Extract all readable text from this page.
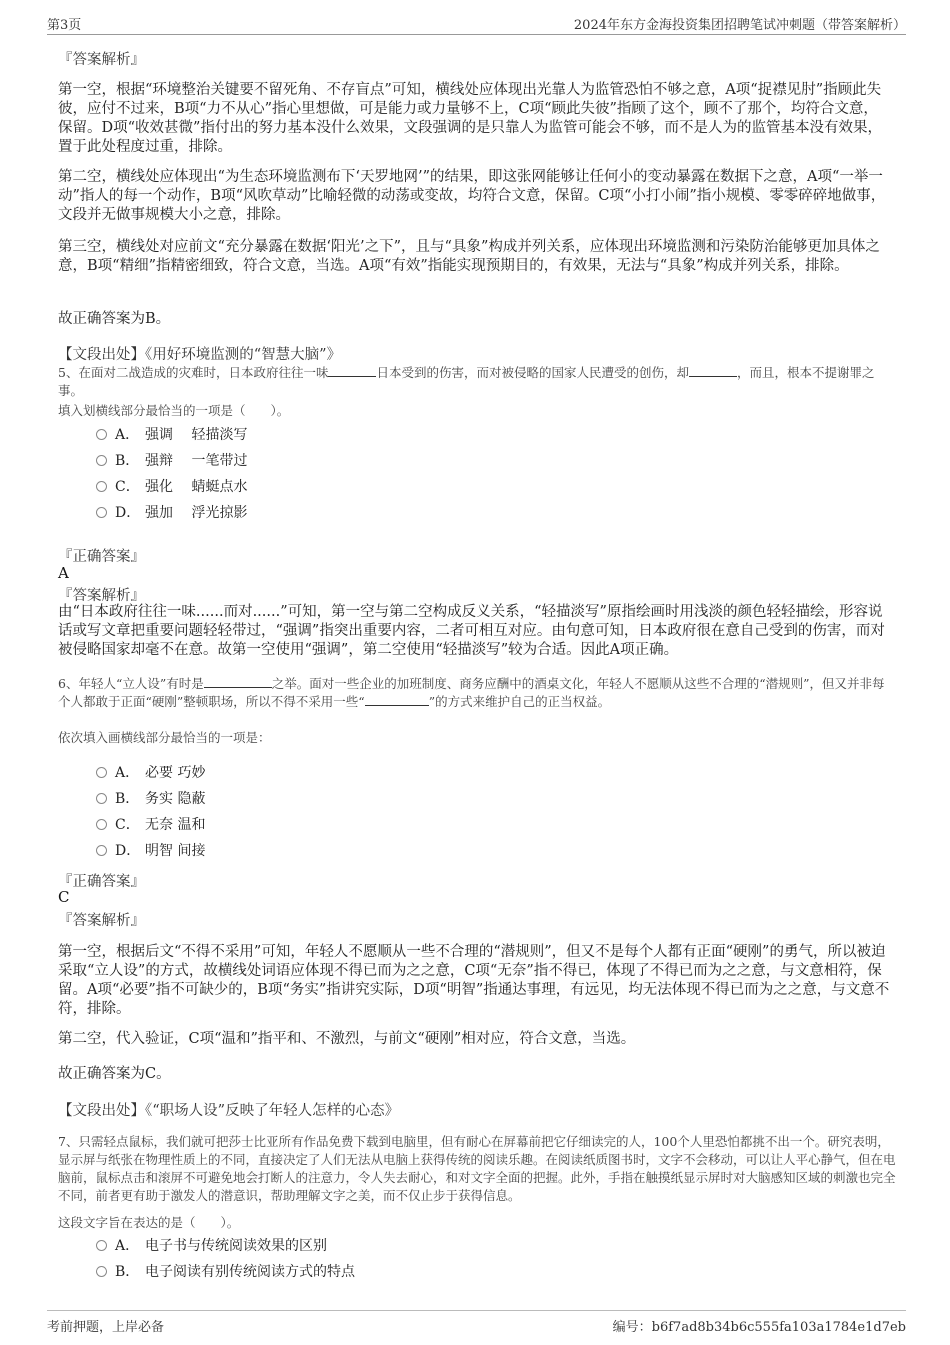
第3页	2024年东方金海投资集团招聘笔试冲刺题（带答案解析）
『答案解析』
第一空，根据“环境整治关键要不留死角、不存盲点”可知，横线处应体现出光靠人为监管恐怕不够之意，A项“捉襟见肘”指顾此失彼，应付不过来，B项“力不从心”指心里想做，可是能力或力量够不上，C项“顾此失彼”指顾了这个，顾不了那个，均符合文意，保留。D项“收效甚微”指付出的努力基本没什么效果，文段强调的是只靠人为监管可能会不够，而不是人为的监管基本没有效果，置于此处程度过重，排除。
第二空，横线处应体现出“为生态环境监测布下‘天罗地网’”的结果，即这张网能够让任何小的变动暴露在数据下之意，A项“一举一动”指人的每一个动作，B项“风吹草动”比喻轻微的动荡或变故，均符合文意，保留。C项“小打小闹”指小规模、零零碎碎地做事，文段并无做事规模大小之意，排除。
第三空，横线处对应前文“充分暴露在数据‘阳光’之下”，且与“具象”构成并列关系，应体现出环境监测和污染防治能够更加具体之意，B项“精细”指精密细致，符合文意，当选。A项“有效”指能实现预期目的，有效果，无法与“具象”构成并列关系，排除。
故正确答案为B。
【文段出处】《用好环境监测的“智慧大脑”》
5、在面对二战造成的灾难时，日本政府往往一味	日本受到的伤害，而对被侵略的国家人民遭受的创伤，却	，而且，根本不提谢罪之事。
填入划横线部分最恰当的一项是（　　）。
A． 强调　 轻描淡写
B． 强辩　 一笔带过
C． 强化　 蜻蜓点水
D． 强加　 浮光掠影
『正确答案』
A
『答案解析』
由“日本政府往往一味......而对......”可知，第一空与第二空构成反义关系，“轻描淡写”原指绘画时用浅淡的颜色轻轻描绘，形容说话或写文章把重要问题轻轻带过，“强调”指突出重要内容，二者可相互对应。由句意可知，日本政府很在意自己受到的伤害，而对被侵略国家却毫不在意。故第一空使用“强调”，第二空使用“轻描淡写”较为合适。因此A项正确。
6、年轻人“立人设”有时是	之举。面对一些企业的加班制度、商务应酬中的酒桌文化，年轻人不愿顺从这些不合理的“潜规则”，但又并非每个人都敢于正面“硬刚”整顿职场，所以不得不采用一些“	”的方式来维护自己的正当权益。
依次填入画横线部分最恰当的一项是：
A． 必要 巧妙
B． 务实 隐蔽
C． 无奈 温和
D． 明智 间接
『正确答案』
C
『答案解析』
第一空，根据后文“不得不采用”可知，年轻人不愿顺从一些不合理的“潜规则”，但又不是每个人都有正面“硬刚”的勇气，所以被迫采取“立人设”的方式，故横线处词语应体现不得已而为之之意，C项“无奈”指不得已，体现了不得已而为之之意，与文意相符，保留。A项“必要”指不可缺少的，B项“务实”指讲究实际，D项“明智”指通达事理，有远见，均无法体现不得已而为之之意，与文意不符，排除。
第二空，代入验证，C项“温和”指平和、不激烈，与前文“硬刚”相对应，符合文意，当选。
故正确答案为C。
【文段出处】《“职场人设”反映了年轻人怎样的心态》
7、只需轻点鼠标，我们就可把莎士比亚所有作品免费下载到电脑里，但有耐心在屏幕前把它仔细读完的人，100个人里恐怕都挑不出一个。研究表明，显示屏与纸张在物理性质上的不同，直接决定了人们无法从电脑上获得传统的阅读乐趣。在阅读纸质图书时，文字不会移动，可以让人平心静气，但在电脑前，鼠标点击和滚屏不可避免地会打断人的注意力，令人失去耐心，和对文字全面的把握。此外，手指在触摸纸显示屏时对大脑感知区域的刺激也完全不同，前者更有助于激发人的潜意识，帮助理解文字之美，而不仅止步于获得信息。
这段文字旨在表达的是（　　）。
A． 电子书与传统阅读效果的区别
B． 电子阅读有别传统阅读方式的特点
考前押题，上岸必备	编号：b6f7ad8b34b6c555fa103a1784e1d7eb
